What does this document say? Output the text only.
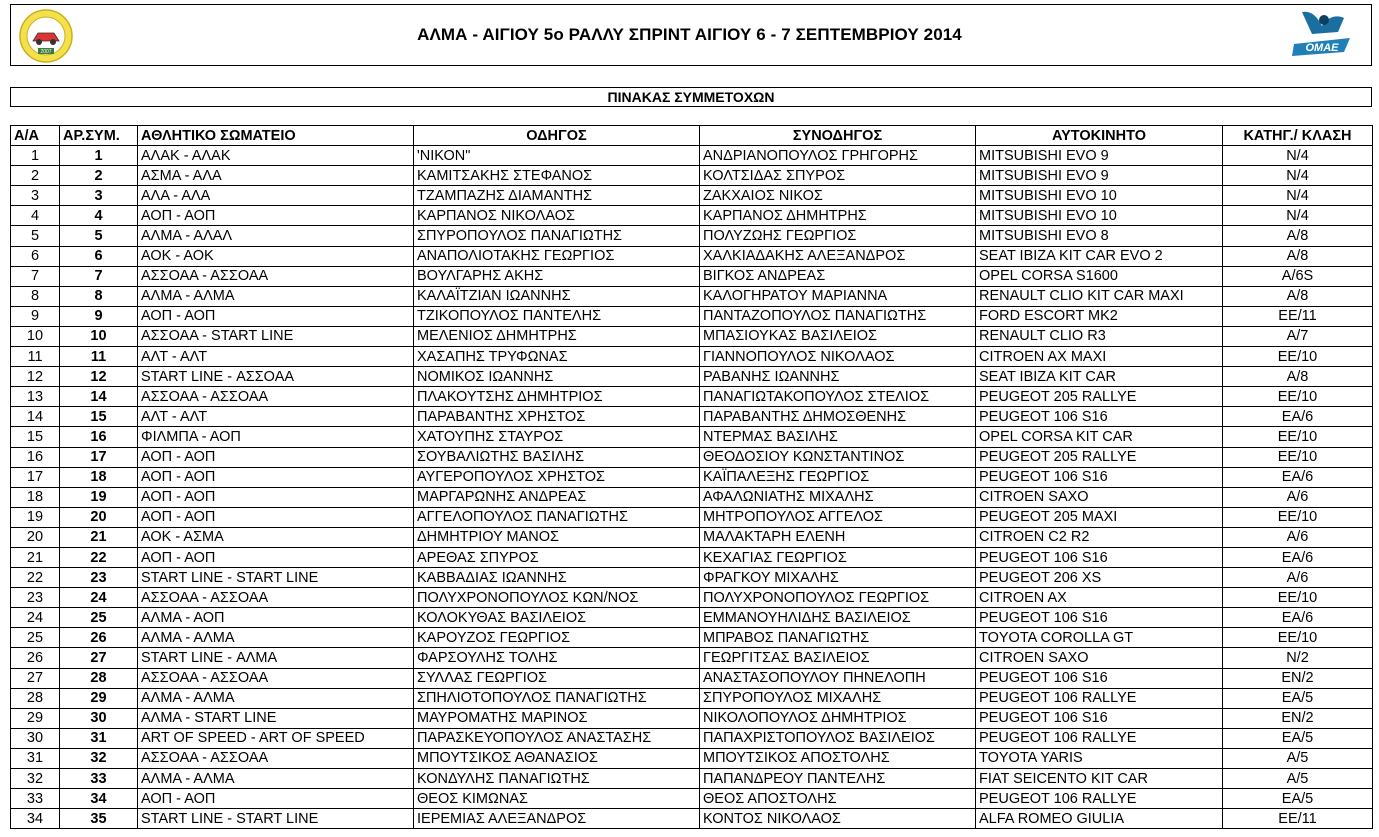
2007	OMAE
ΑΛΜΑ - ΑΙΓΙΟΥ 5ο ΡΑΛΛΥ ΣΠΡΙΝΤ ΑΙΓΙΟΥ 6 - 7 ΣΕΠΤΕΜΒΡΙΟΥ 2014
ΠΙΝΑΚΑΣ ΣΥΜΜΕΤΟΧΩΝ
Α/Α	ΑΡ.ΣΥΜ.	ΑΘΛΗΤΙΚΟ ΣΩΜΑΤΕΙΟ	ΟΔΗΓΟΣ	ΣΥΝΟΔΗΓΟΣ	ΑΥΤΟΚΙΝΗΤΟ	ΚΑΤΗΓ./ ΚΛΑΣΗ
1	1	ΑΛΑΚ - ΑΛΑΚ	'ΝΙΚΟΝ"	ΑΝΔΡΙΑΝΟΠΟΥΛΟΣ ΓΡΗΓΟΡΗΣ	MITSUBISHI EVO 9	N/4
2	2	ΑΣΜΑ - ΑΛΑ	ΚΑΜΙΤΣΑΚΗΣ ΣΤΕΦΑΝΟΣ	ΚΟΛΤΣΙΔΑΣ ΣΠΥΡΟΣ	MITSUBISHI EVO 9	N/4
3	3	ΑΛΑ - ΑΛΑ	ΤΖΑΜΠΑΖΗΣ ΔΙΑΜΑΝΤΗΣ	ΖΑΚΧΑΙΟΣ ΝΙΚΟΣ	MITSUBISHI EVO 10	N/4
4	4	ΑΟΠ - ΑΟΠ	ΚΑΡΠΑΝΟΣ ΝΙΚΟΛΑΟΣ	ΚΑΡΠΑΝΟΣ ΔΗΜΗΤΡΗΣ	MITSUBISHI EVO 10	N/4
5	5	ΑΛΜΑ - ΑΛΑΛ	ΣΠΥΡΟΠΟΥΛΟΣ ΠΑΝΑΓΙΩΤΗΣ	ΠΟΛΥΖΩΗΣ ΓΕΩΡΓΙΟΣ	MITSUBISHI EVO 8	A/8
6	6	ΑΟΚ - ΑΟΚ	ΑΝΑΠΟΛΙΟΤΑΚΗΣ ΓΕΩΡΓΙΟΣ	ΧΑΛΚΙΑΔΑΚΗΣ ΑΛΕΞΑΝΔΡΟΣ	SEAT IBIZA KIT CAR EVO 2	A/8
7	7	ΑΣΣΟΑΑ - ΑΣΣΟΑΑ	ΒΟΥΛΓΑΡΗΣ ΑΚΗΣ	ΒΙΓΚΟΣ ΑΝΔΡΕΑΣ	OPEL CORSA S1600	A/6S
8	8	ΑΛΜΑ - ΑΛΜΑ	ΚΑΛΑΪΤΖΙΑΝ ΙΩΑΝΝΗΣ	ΚΑΛΟΓΗΡΑΤΟΥ ΜΑΡΙΑΝΝΑ	RENAULT CLIO KIT CAR MAXI	A/8
9	9	ΑΟΠ - ΑΟΠ	ΤΖΙΚΟΠΟΥΛΟΣ ΠΑΝΤΕΛΗΣ	ΠΑΝΤΑΖΟΠΟΥΛΟΣ ΠΑΝΑΓΙΩΤΗΣ	FORD ESCORT MK2	ΕΕ/11
10	10	ΑΣΣΟΑΑ - START LINE	ΜΕΛΕΝΙΟΣ ΔΗΜΗΤΡΗΣ	ΜΠΑΣΙΟΥΚΑΣ ΒΑΣΙΛΕΙΟΣ	RENAULT CLIO R3	A/7
11	11	ΑΛΤ - ΑΛΤ	ΧΑΣΑΠΗΣ ΤΡΥΦΩΝΑΣ	ΓΙΑΝΝΟΠΟΥΛΟΣ ΝΙΚΟΛΑΟΣ	CITROEN AX MAXI	ΕΕ/10
12	12	START LINE - ΑΣΣΟΑΑ	ΝΟΜΙΚΟΣ ΙΩΑΝΝΗΣ	ΡΑΒΑΝΗΣ ΙΩΑΝΝΗΣ	SEAT IBIZA KIT CAR	A/8
13	14	ΑΣΣΟΑΑ - ΑΣΣΟΑΑ	ΠΛΑΚΟΥΤΣΗΣ ΔΗΜΗΤΡΙΟΣ	ΠΑΝΑΓΙΩΤΑΚΟΠΟΥΛΟΣ ΣΤΕΛΙΟΣ	PEUGEOT 205 RALLYE	ΕΕ/10
14	15	ΑΛΤ - ΑΛΤ	ΠΑΡΑΒΑΝΤΗΣ ΧΡΗΣΤΟΣ	ΠΑΡΑΒΑΝΤΗΣ ΔΗΜΟΣΘΕΝΗΣ	PEUGEOT 106 S16	ΕΑ/6
15	16	ΦΙΛΜΠΑ - ΑΟΠ	ΧΑΤΟΥΠΗΣ ΣΤΑΥΡΟΣ	ΝΤΕΡΜΑΣ ΒΑΣΙΛΗΣ	OPEL CORSA KIT CAR	ΕΕ/10
16	17	ΑΟΠ - ΑΟΠ	ΣΟΥΒΑΛΙΩΤΗΣ ΒΑΣΙΛΗΣ	ΘΕΟΔΟΣΙΟΥ ΚΩΝΣΤΑΝΤΙΝΟΣ	PEUGEOT 205 RALLYE	ΕΕ/10
17	18	ΑΟΠ - ΑΟΠ	ΑΥΓΕΡΟΠΟΥΛΟΣ ΧΡΗΣΤΟΣ	ΚΑΪΠΑΛΕΞΗΣ ΓΕΩΡΓΙΟΣ	PEUGEOT 106 S16	ΕΑ/6
18	19	ΑΟΠ - ΑΟΠ	ΜΑΡΓΑΡΩΝΗΣ ΑΝΔΡΕΑΣ	ΑΦΑΛΩΝΙΑΤΗΣ ΜΙΧΑΛΗΣ	CITROEN SAXO	A/6
19	20	ΑΟΠ - ΑΟΠ	ΑΓΓΕΛΟΠΟΥΛΟΣ ΠΑΝΑΓΙΩΤΗΣ	ΜΗΤΡΟΠΟΥΛΟΣ ΑΓΓΕΛΟΣ	PEUGEOT 205 MAXI	ΕΕ/10
20	21	ΑΟΚ - ΑΣΜΑ	ΔΗΜΗΤΡΙΟΥ ΜΑΝΟΣ	ΜΑΛΑΚΤΑΡΗ ΕΛΕΝΗ	CITROEN C2 R2	A/6
21	22	ΑΟΠ - ΑΟΠ	ΑΡΕΘΑΣ ΣΠΥΡΟΣ	ΚΕΧΑΓΙΑΣ ΓΕΩΡΓΙΟΣ	PEUGEOT 106 S16	ΕΑ/6
22	23	START LINE - START LINE	ΚΑΒΒΑΔΙΑΣ ΙΩΑΝΝΗΣ	ΦΡΑΓΚΟΥ ΜΙΧΑΛΗΣ	PEUGEOT 206 XS	A/6
23	24	ΑΣΣΟΑΑ - ΑΣΣΟΑΑ	ΠΟΛΥΧΡΟΝΟΠΟΥΛΟΣ ΚΩΝ/ΝΟΣ	ΠΟΛΥΧΡΟΝΟΠΟΥΛΟΣ ΓΕΩΡΓΙΟΣ	CITROEN AX	ΕΕ/10
24	25	ΑΛΜΑ - ΑΟΠ	ΚΟΛΟΚΥΘΑΣ ΒΑΣΙΛΕΙΟΣ	ΕΜΜΑΝΟΥΗΛΙΔΗΣ ΒΑΣΙΛΕΙΟΣ	PEUGEOT 106 S16	ΕΑ/6
25	26	ΑΛΜΑ - ΑΛΜΑ	ΚΑΡΟΥΖΟΣ ΓΕΩΡΓΙΟΣ	ΜΠΡΑΒΟΣ ΠΑΝΑΓΙΩΤΗΣ	TOYOTA COROLLA GT	ΕΕ/10
26	27	START LINE - ΑΛΜΑ	ΦΑΡΣΟΥΛΗΣ ΤΟΛΗΣ	ΓΕΩΡΓΙΤΣΑΣ ΒΑΣΙΛΕΙΟΣ	CITROEN SAXO	N/2
27	28	ΑΣΣΟΑΑ - ΑΣΣΟΑΑ	ΣΥΛΛΑΣ ΓΕΩΡΓΙΟΣ	ΑΝΑΣΤΑΣΟΠΟΥΛΟΥ ΠΗΝΕΛΟΠΗ	PEUGEOT 106 S16	ΕΝ/2
28	29	ΑΛΜΑ - ΑΛΜΑ	ΣΠΗΛΙΟΤΟΠΟΥΛΟΣ ΠΑΝΑΓΙΩΤΗΣ	ΣΠΥΡΟΠΟΥΛΟΣ ΜΙΧΑΛΗΣ	PEUGEOT 106 RALLYE	ΕΑ/5
29	30	ΑΛΜΑ - START LINE	ΜΑΥΡΟΜΑΤΗΣ ΜΑΡΙΝΟΣ	ΝΙΚΟΛΟΠΟΥΛΟΣ ΔΗΜΗΤΡΙΟΣ	PEUGEOT 106 S16	ΕΝ/2
30	31	ART OF SPEED - ART OF SPEED	ΠΑΡΑΣΚΕΥΟΠΟΥΛΟΣ ΑΝΑΣΤΑΣΗΣ	ΠΑΠΑΧΡΙΣΤΟΠΟΥΛΟΣ ΒΑΣΙΛΕΙΟΣ	PEUGEOT 106 RALLYE	ΕΑ/5
31	32	ΑΣΣΟΑΑ - ΑΣΣΟΑΑ	ΜΠΟΥΤΣΙΚΟΣ ΑΘΑΝΑΣΙΟΣ	ΜΠΟΥΤΣΙΚΟΣ ΑΠΟΣΤΟΛΗΣ	TOYOTA YARIS	A/5
32	33	ΑΛΜΑ - ΑΛΜΑ	ΚΟΝΔΥΛΗΣ ΠΑΝΑΓΙΩΤΗΣ	ΠΑΠΑΝΔΡΕΟΥ ΠΑΝΤΕΛΗΣ	FIAT SEICENTO KIT CAR	A/5
33	34	ΑΟΠ - ΑΟΠ	ΘΕΟΣ ΚΙΜΩΝΑΣ	ΘΕΟΣ ΑΠΟΣΤΟΛΗΣ	PEUGEOT 106 RALLYE	ΕΑ/5
34	35	START LINE - START LINE	ΙΕΡΕΜΙΑΣ ΑΛΕΞΑΝΔΡΟΣ	ΚΟΝΤΟΣ ΝΙΚΟΛΑΟΣ	ALFA ROMEO GIULIA	ΕΕ/11
